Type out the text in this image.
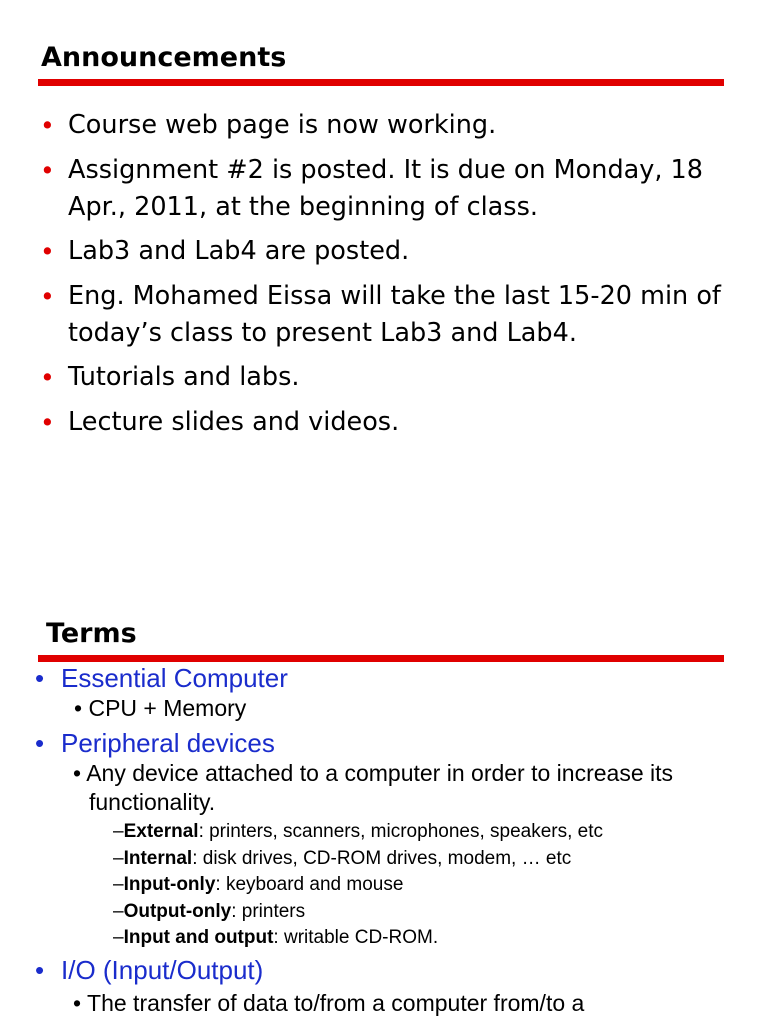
Announcements
• Course web page is now working.
• Assignment #2 is posted. It is due on Monday, 18 Apr., 2011, at the beginning of class.
• Lab3 and Lab4 are posted.
• Eng. Mohamed Eissa will take the last 15-20 min of today’s class to present Lab3 and Lab4.
• Tutorials and labs.
• Lecture slides and videos.
Terms
• Essential Computer
• CPU + Memory
• Peripheral devices
• Any device attached to a computer in order to increase its functionality.
–External: printers, scanners, microphones, speakers, etc
–Internal: disk drives, CD-ROM drives, modem, … etc
–Input-only: keyboard and mouse
–Output-only: printers
–Input and output: writable CD-ROM.
• I/O (Input/Output)
• The transfer of data to/from a computer from/to a
